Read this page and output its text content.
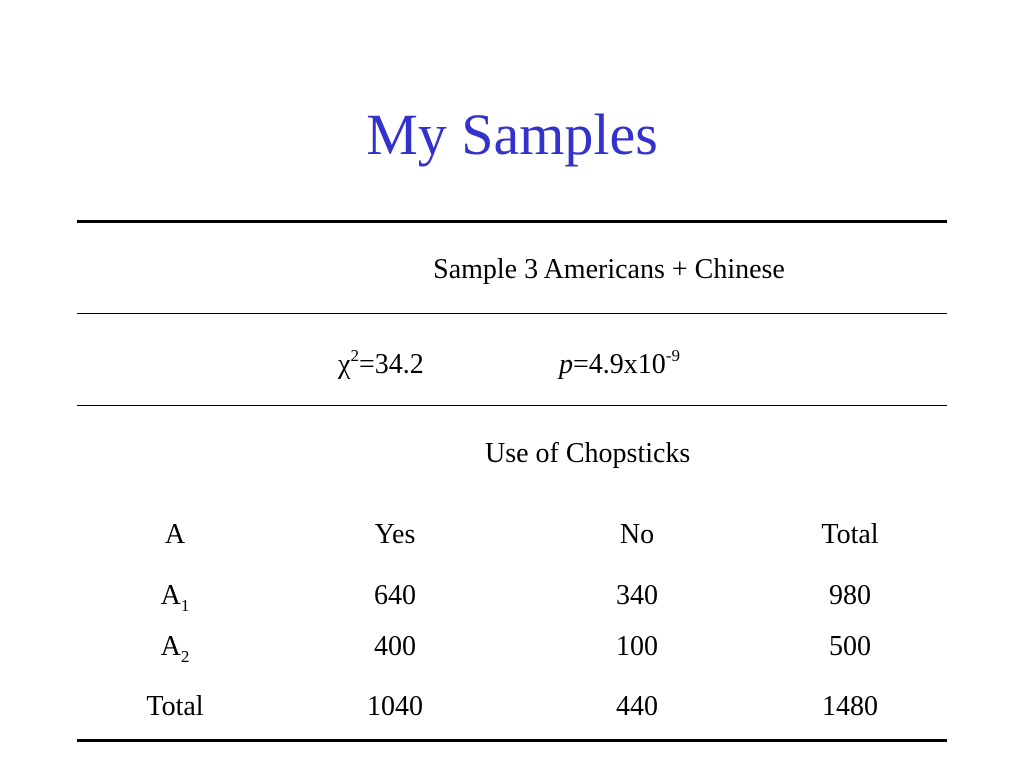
My Samples
Sample 3 Americans + Chinese
$\chi^2=34.2$	$p=4.9x10^{-9}$
Use of Chopsticks
A	Yes	No	Total
$A_1$	640	340	980
$A_2$	400	100	500
Total	1040	440	1480
